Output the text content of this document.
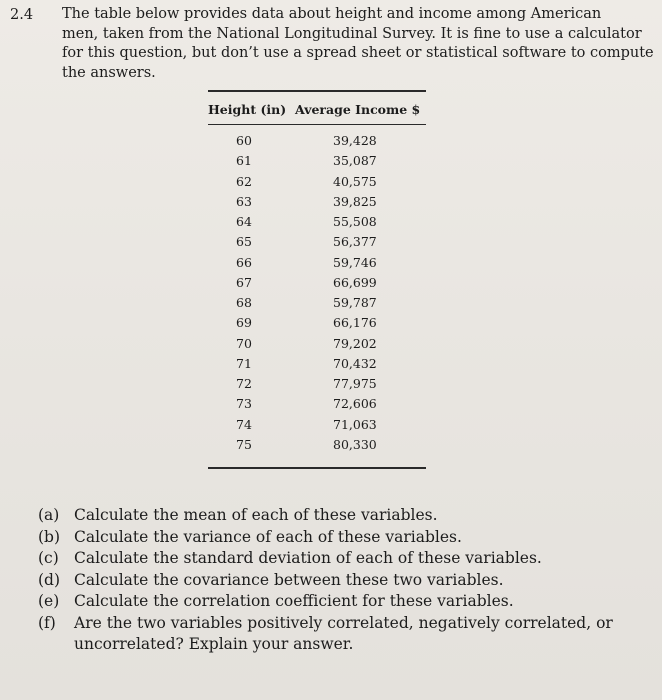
2.4 The table below provides data about height and income among American
men, taken from the National Longitudinal Survey. It is fine to use a calculator
for this question, but don’t use a spread sheet or statistical software to compute
the answers.
Height (in) Average Income $
60	39,428
61	35,087
62	40,575
63	39,825
64	55,508
65	56,377
66	59,746
67	66,699
68	59,787
69	66,176
70	79,202
71	70,432
72	77,975
73	72,606
74	71,063
75	80,330
(a) Calculate the mean of each of these variables.
(b) Calculate the variance of each of these variables.
(c) Calculate the standard deviation of each of these variables.
(d) Calculate the covariance between these two variables.
(e) Calculate the correlation coefficient for these variables.
(f) Are the two variables positively correlated, negatively correlated, or uncorrelated? Explain your answer.
